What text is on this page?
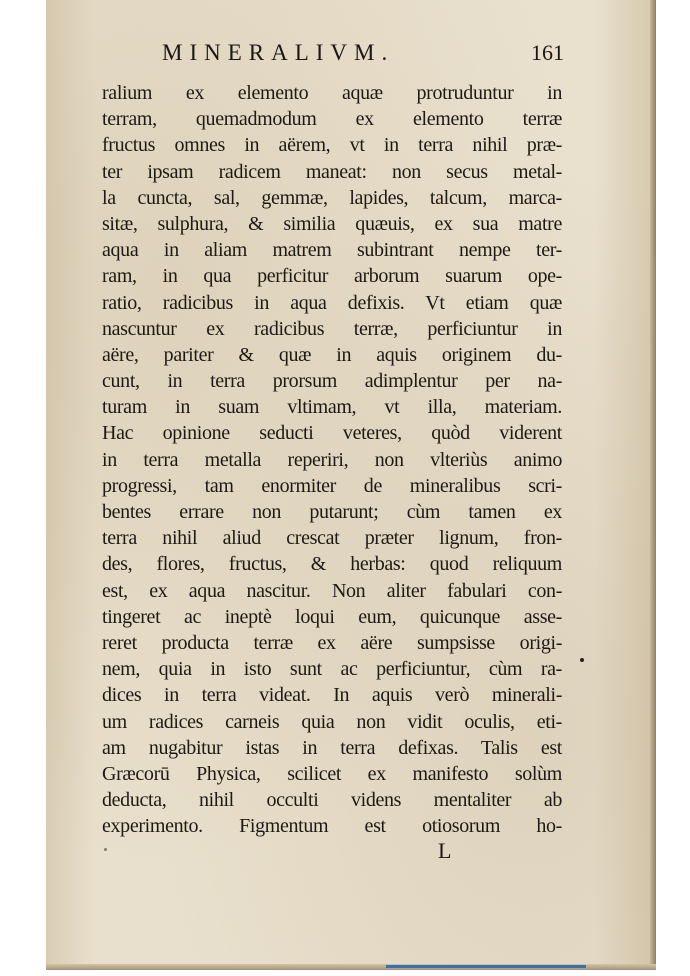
MINERALIVM.	161
ralium ex elemento aquæ protruduntur in
terram, quemadmodum ex elemento terræ
fructus omnes in aërem, vt in terra nihil præ-
ter ipsam radicem maneat: non secus metal-
la cuncta, sal, gemmæ, lapides, talcum, marca-
sitæ, sulphura, & similia quæuis, ex sua matre
aqua in aliam matrem subintrant nempe ter-
ram, in qua perficitur arborum suarum ope-
ratio, radicibus in aqua defixis. Vt etiam quæ
nascuntur ex radicibus terræ, perficiuntur in
aëre, pariter & quæ in aquis originem du-
cunt, in terra prorsum adimplentur per na-
turam in suam vltimam, vt illa, materiam.
Hac opinione seducti veteres, quòd viderent
in terra metalla reperiri, non vlteriùs animo
progressi, tam enormiter de mineralibus scri-
bentes errare non putarunt; cùm tamen ex
terra nihil aliud crescat præter lignum, fron-
des, flores, fructus, & herbas: quod reliquum
est, ex aqua nascitur. Non aliter fabulari con-
tingeret ac ineptè loqui eum, quicunque asse-
reret producta terræ ex aëre sumpsisse origi-
nem, quia in isto sunt ac perficiuntur, cùm ra-
dices in terra videat. In aquis verò minerali-
um radices carneis quia non vidit oculis, eti-
am nugabitur istas in terra defixas. Talis est
Græcorū Physica, scilicet ex manifesto solùm
deducta, nihil occulti videns mentaliter ab
experimento. Figmentum est otiosorum ho-
L
